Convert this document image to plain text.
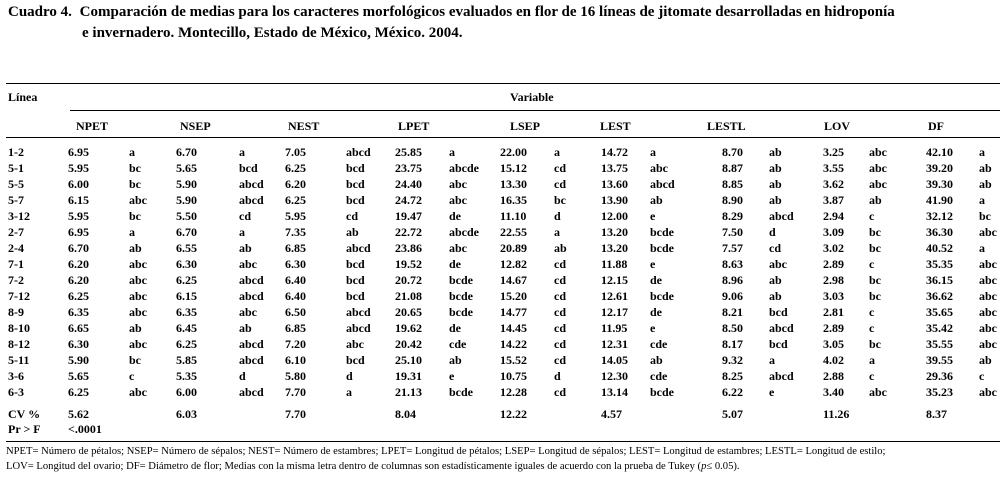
Cuadro 4. Comparación de medias para los caracteres morfológicos evaluados en flor de 16 líneas de jitomate desarrolladas en hidroponía
e invernadero. Montecillo, Estado de México, México. 2004.
Línea	Variable
NPET	NSEP	NEST	LPET	LSEP	LEST	LESTL	LOV	DF
1-2	6.95	a	6.70	a	7.05	abcd	25.85	a	22.00	a	14.72	a	8.70	ab	3.25	abc	42.10	a
5-1	5.95	bc	5.65	bcd	6.25	bcd	23.75	abcde	15.12	cd	13.75	abc	8.87	ab	3.55	abc	39.20	ab
5-5	6.00	bc	5.90	abcd	6.20	bcd	24.40	abc	13.30	cd	13.60	abcd	8.85	ab	3.62	abc	39.30	ab
5-7	6.15	abc	5.90	abcd	6.25	bcd	24.72	abc	16.35	bc	13.90	ab	8.90	ab	3.87	ab	41.90	a
3-12	5.95	bc	5.50	cd	5.95	cd	19.47	de	11.10	d	12.00	e	8.29	abcd	2.94	c	32.12	bc
2-7	6.95	a	6.70	a	7.35	ab	22.72	abcde	22.55	a	13.20	bcde	7.50	d	3.09	bc	36.30	abc
2-4	6.70	ab	6.55	ab	6.85	abcd	23.86	abc	20.89	ab	13.20	bcde	7.57	cd	3.02	bc	40.52	a
7-1	6.20	abc	6.30	abc	6.30	bcd	19.52	de	12.82	cd	11.88	e	8.63	abc	2.89	c	35.35	abc
7-2	6.20	abc	6.25	abcd	6.40	bcd	20.72	bcde	14.67	cd	12.15	de	8.96	ab	2.98	bc	36.15	abc
7-12	6.25	abc	6.15	abcd	6.40	bcd	21.08	bcde	15.20	cd	12.61	bcde	9.06	ab	3.03	bc	36.62	abc
8-9	6.35	abc	6.35	abc	6.50	abcd	20.65	bcde	14.77	cd	12.17	de	8.21	bcd	2.81	c	35.65	abc
8-10	6.65	ab	6.45	ab	6.85	abcd	19.62	de	14.45	cd	11.95	e	8.50	abcd	2.89	c	35.42	abc
8-12	6.30	abc	6.25	abcd	7.20	abc	20.42	cde	14.22	cd	12.31	cde	8.17	bcd	3.05	bc	35.55	abc
5-11	5.90	bc	5.85	abcd	6.10	bcd	25.10	ab	15.52	cd	14.05	ab	9.32	a	4.02	a	39.55	ab
3-6	5.65	c	5.35	d	5.80	d	19.31	e	10.75	d	12.30	cde	8.25	abcd	2.88	c	29.36	c
6-3	6.25	abc	6.00	abcd	7.70	a	21.13	bcde	12.28	cd	13.14	bcde	6.22	e	3.40	abc	35.23	abc
CV % 5.62	6.03	7.70	8.04	12.22	4.57	5.07	11.26	8.37
Pr > F <.0001
NPET= Número de pétalos; NSEP= Número de sépalos; NEST= Número de estambres; LPET= Longitud de pétalos; LSEP= Longitud de sépalos; LEST= Longitud de estambres; LESTL= Longitud de estilo;
LOV= Longitud del ovario; DF= Diámetro de flor; Medias con la misma letra dentro de columnas son estadísticamente iguales de acuerdo con la prueba de Tukey (p≤ 0.05).
